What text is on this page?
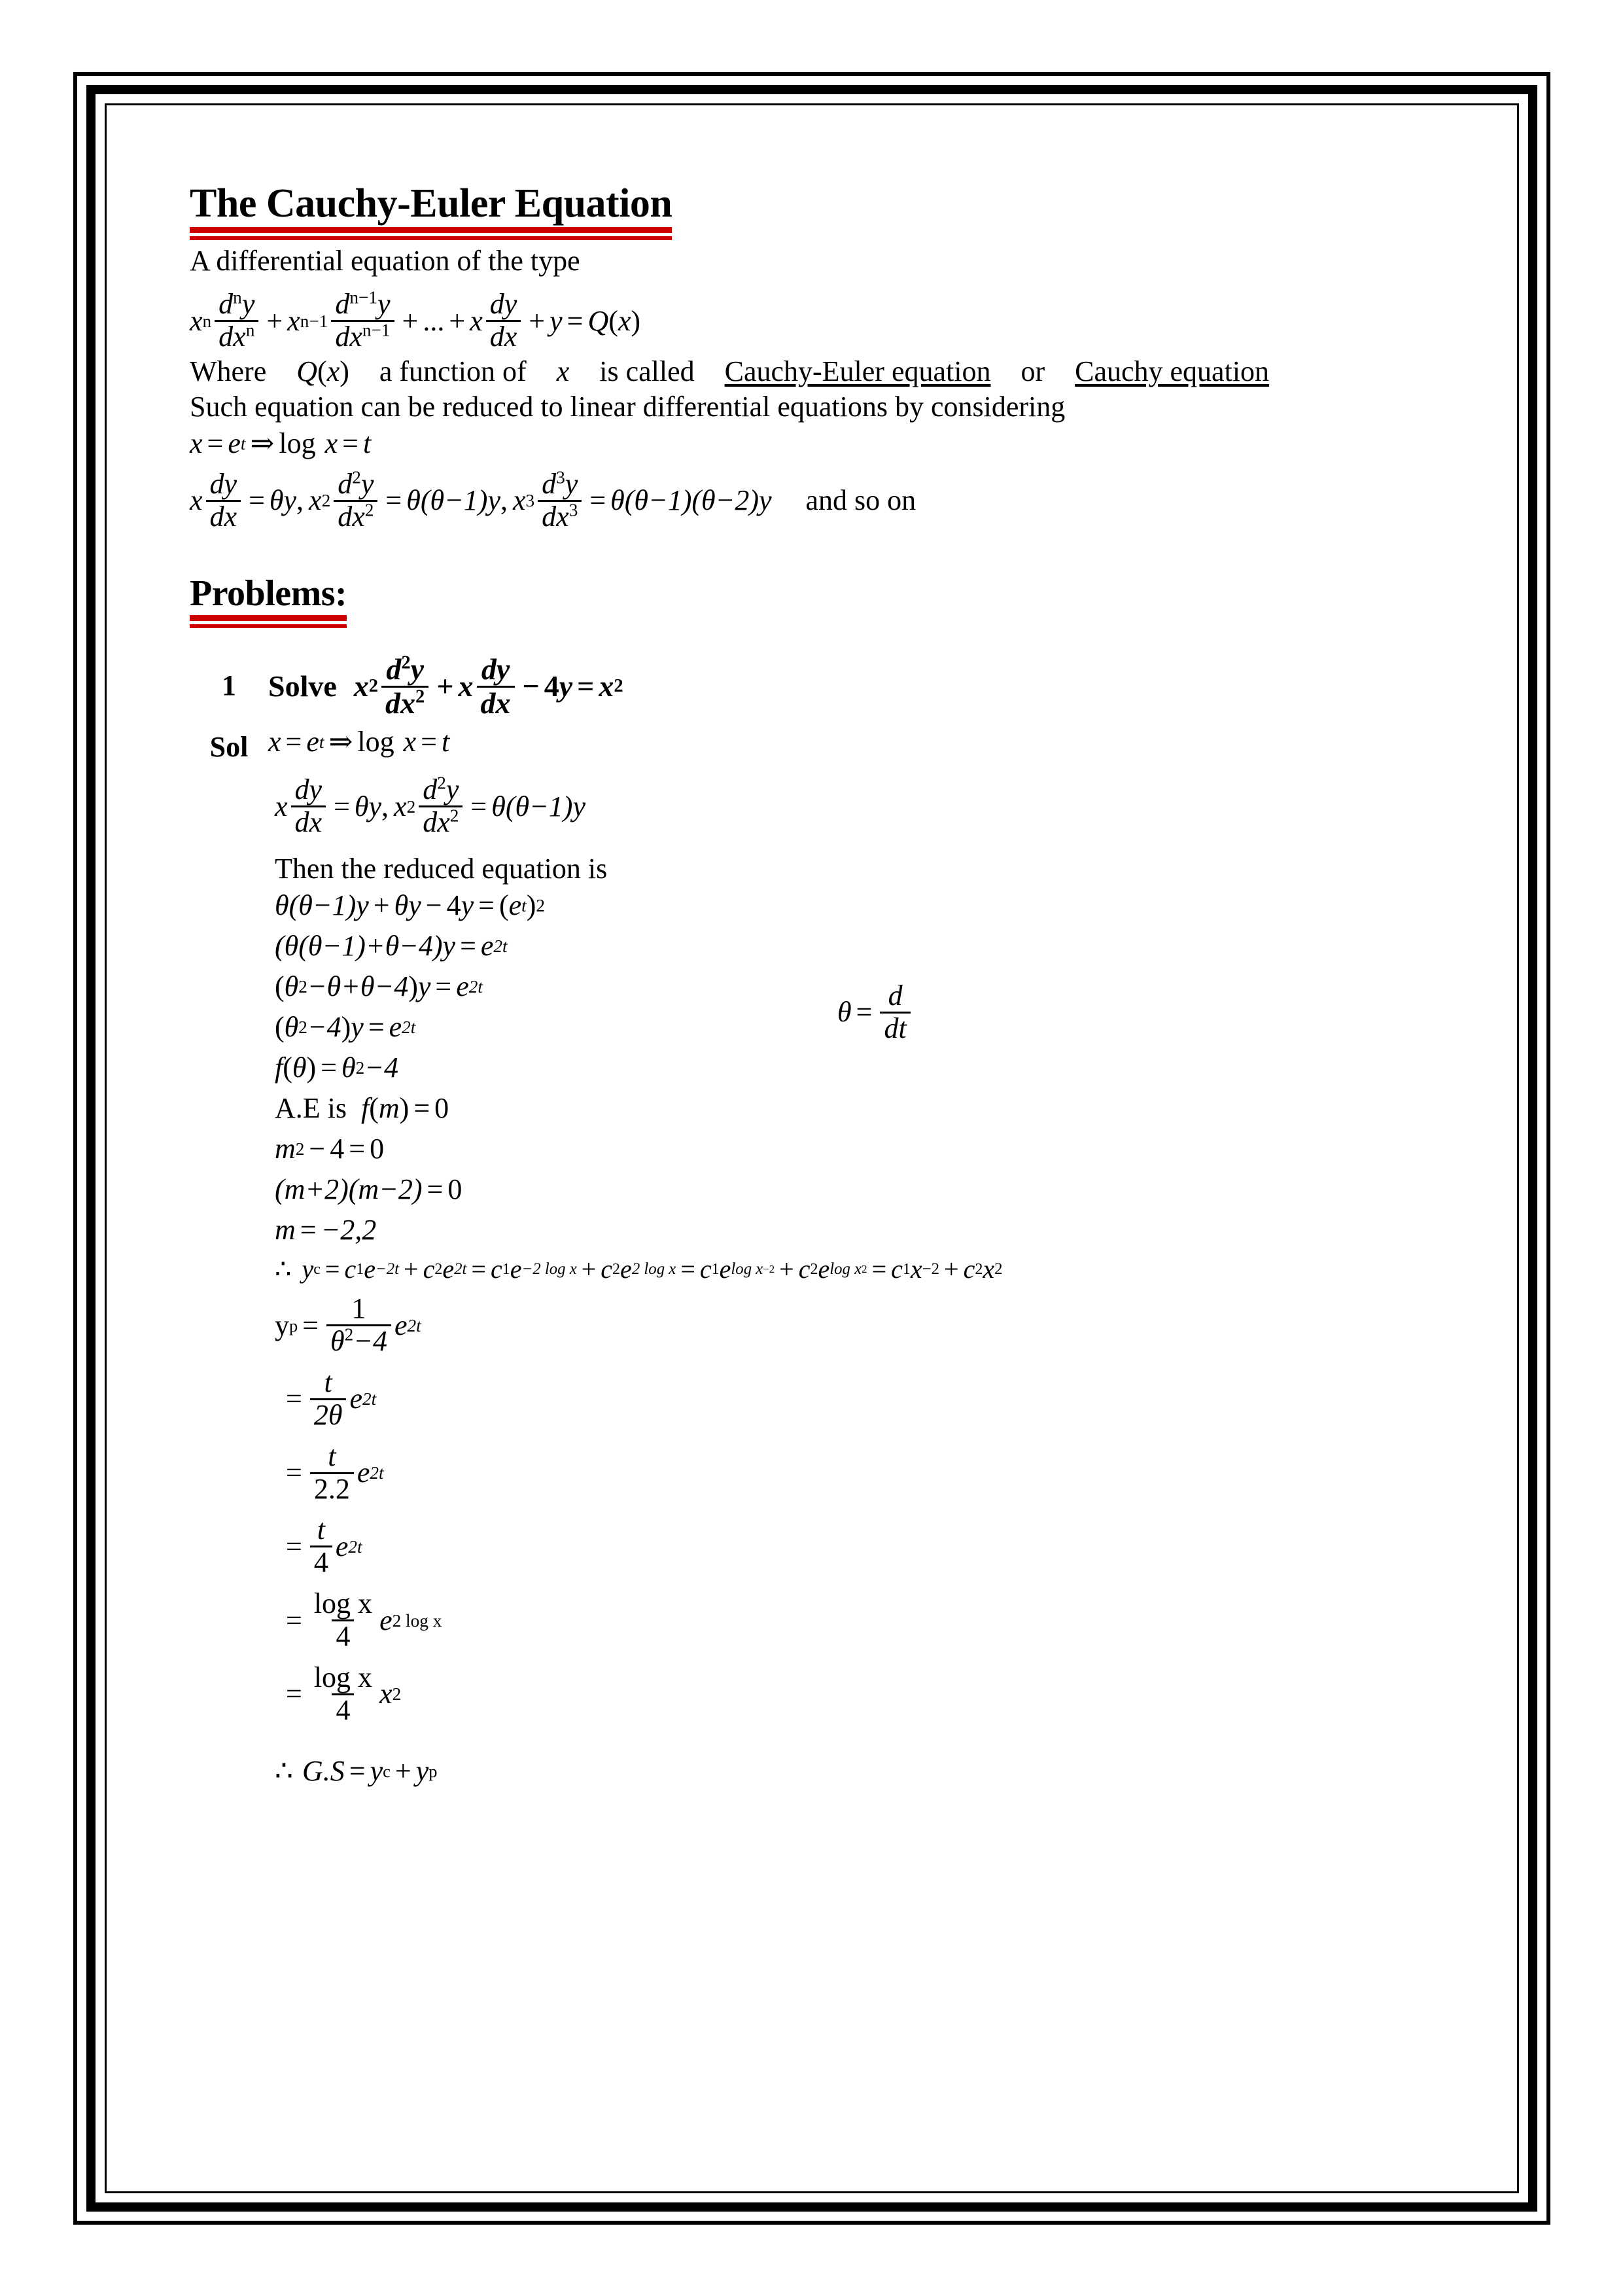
The Cauchy-Euler Equation
A differential equation of the type
x n $\frac{d^ny}{dx^n} + x$ $n-1 \frac{d^{n-1}y}{dx^{n-1}}$ + ... + x $\frac{dy}{dx} + y = Q$ ( x )
Where Q ( x ) a function of x is called Cauchy-Euler equation or Cauchy equation
Such equation can be reduced to linear differential equations by considering
x = e t ⇒ log x = t
x $\frac{dy}{dx} = \theta$ y , x $2 \frac{d^2y}{dx^2} = \theta(\theta-1)$ y , x $3 \frac{d^3y}{dx^3} = \theta(\theta-1)(\theta-2)$ y and so on
Problems:
1	Solve x $2 \frac{d^2y}{dx^2} + x \frac{dy}{dx} - 4$ y = x 2
Sol x = e t ⇒ log x = t
x $\frac{dy}{dx} = \theta$ y , x $2 \frac{d^2y}{dx^2} = \theta(\theta-1)$ y
Then the reduced equation is
θ(θ−1) y + θ y − 4 y = ( e t ) 2
(θ(θ−1)+θ−4) y = e 2t
( θ 2 −θ+θ−4 ) y = e 2t
( θ 2 −4 ) y = e 2t
f ( θ ) = θ 2 −4
A.E is f ( m ) = 0
m 2 − 4 = 0
(m+2)(m−2) = 0
m = −2,2
∴ y c = c 1 e −2t + c 2 e 2t = c 1 e −2 log x + c 2 e 2 log x = c 1 e log x −2 + c 2 e log x 2 = c 1 x −2 + c 2 x 2
y $p = \frac{1}{\theta^2-4}$ e 2t
= $\frac{t}{2\theta}$ e 2t
= $\frac{t}{2.2}$ e 2t
= $\frac{t}{4}$ e 2t
= $\frac{\text{log x}}{4}$ e 2 log x
= $\frac{\text{log x}}{4}$ x 2
∴ G.S = y c + y p
$\theta = \frac{d}{dt}$
